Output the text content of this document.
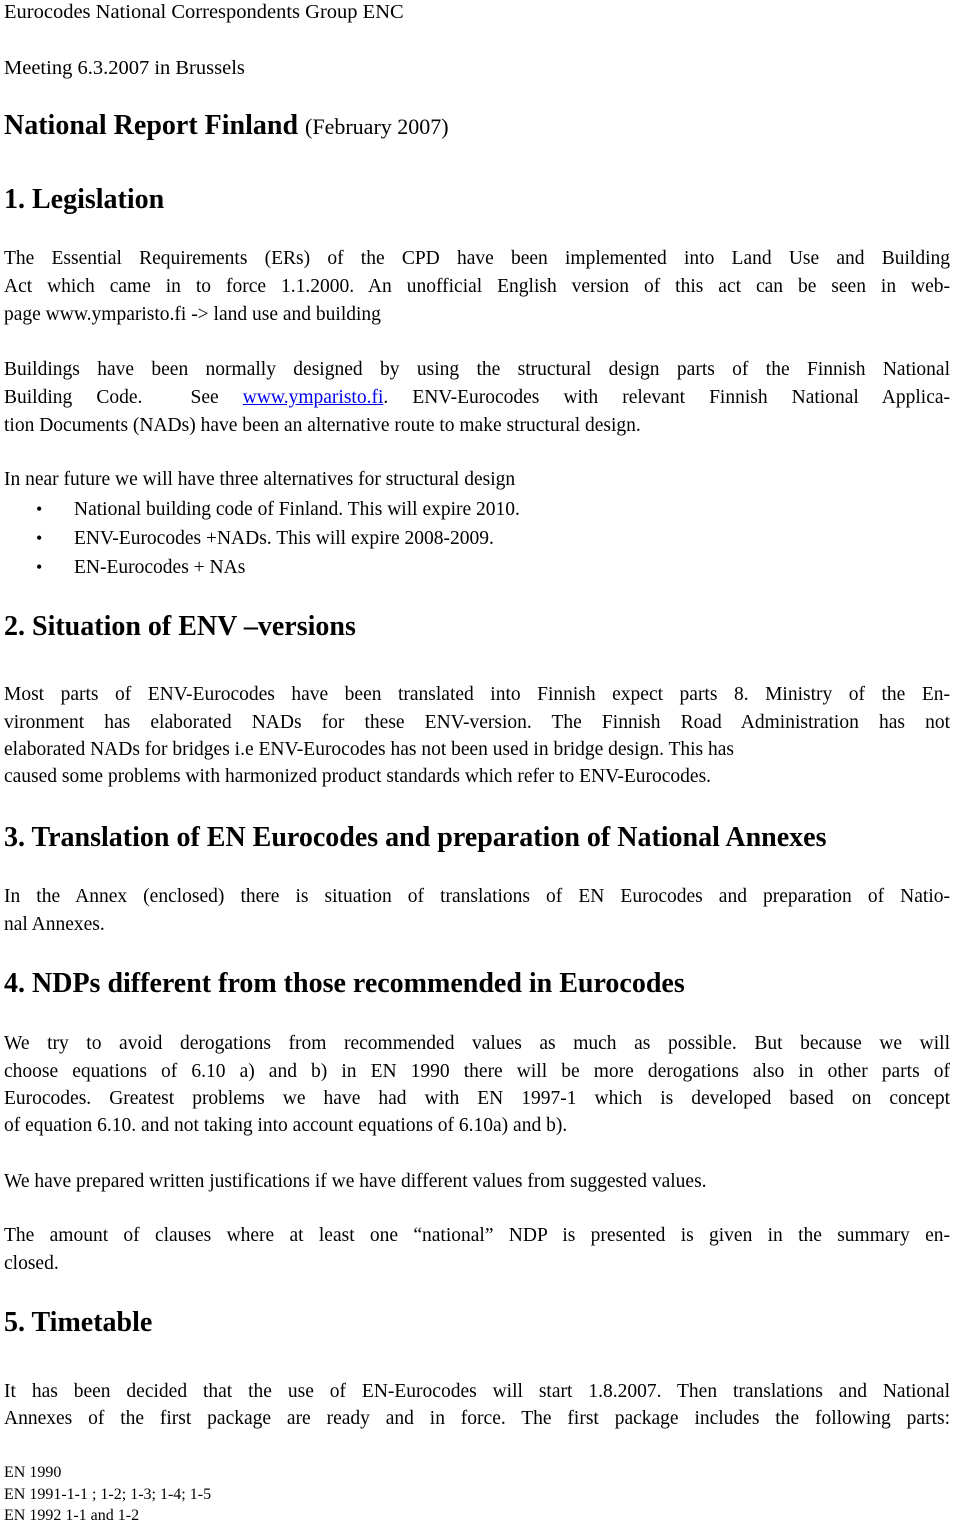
Eurocodes National Correspondents Group ENC
Meeting 6.3.2007 in Brussels
National Report Finland (February 2007)
1. Legislation
The Essential Requirements (ERs) of the CPD have been implemented into Land Use and Building
Act which came in to force 1.1.2000. An unofficial English version of this act can be seen in web-
page www.ymparisto.fi -> land use and building
Buildings have been normally designed by using the structural design parts of the Finnish National
Building Code.  See www.ymparisto.fi. ENV-Eurocodes with relevant Finnish National Applica-
tion Documents (NADs) have been an alternative route to make structural design.
In near future we will have three alternatives for structural design
• National building code of Finland. This will expire 2010.
• ENV-Eurocodes +NADs. This will expire 2008-2009.
• EN-Eurocodes + NAs
2. Situation of ENV –versions
Most parts of ENV-Eurocodes have been translated into Finnish expect parts 8. Ministry of the En-
vironment has elaborated NADs for these ENV-version. The Finnish Road Administration has not
elaborated NADs for bridges i.e ENV-Eurocodes has not been used in bridge design. This has
caused some problems with harmonized product standards which refer to ENV-Eurocodes.
3. Translation of EN Eurocodes and preparation of National Annexes
In the Annex (enclosed) there is situation of translations of EN Eurocodes and preparation of Natio-
nal Annexes.
4. NDPs different from those recommended in Eurocodes
We try to avoid derogations from recommended values as much as possible. But because we will
choose equations of 6.10 a) and b) in EN 1990 there will be more derogations also in other parts of
Eurocodes. Greatest problems we have had with EN 1997-1 which is developed based on concept
of equation 6.10. and not taking into account equations of 6.10a) and b).
We have prepared written justifications if we have different values from suggested values.
The amount of clauses where at least one “national” NDP is presented is given in the summary en-
closed.
5. Timetable
It has been decided that the use of EN-Eurocodes will start 1.8.2007. Then translations and National
Annexes of the first package are ready and in force. The first package includes the following parts:
EN 1990
EN 1991-1-1 ; 1-2; 1-3; 1-4; 1-5
EN 1992 1-1 and 1-2
